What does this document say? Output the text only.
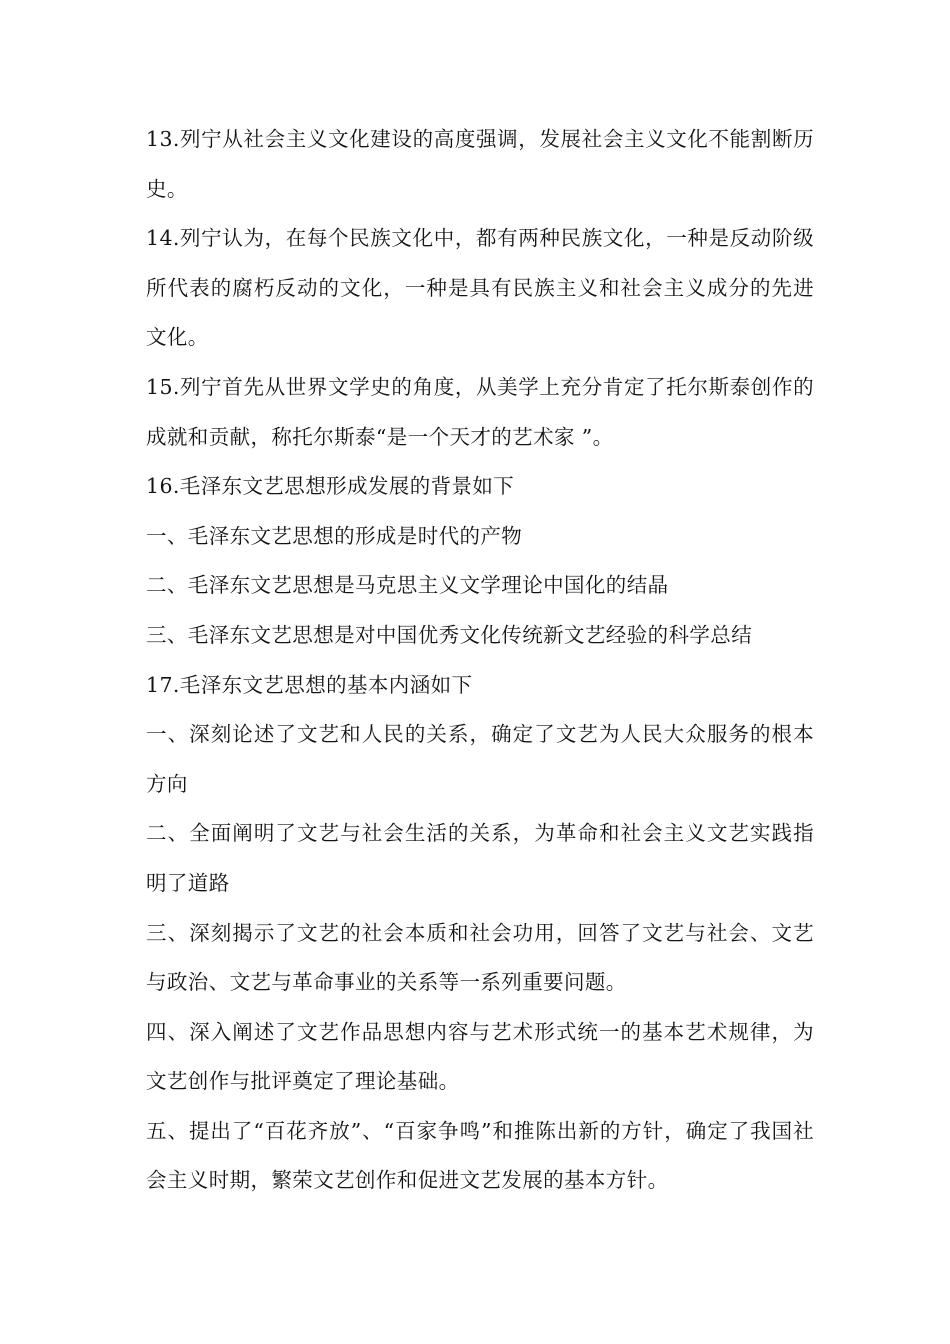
13.列宁从社会主义文化建设的高度强调，发展社会主义文化不能割断历史。

14.列宁认为，在每个民族文化中，都有两种民族文化，一种是反动阶级所代表的腐朽反动的文化，一种是具有民族主义和社会主义成分的先进文化。

15.列宁首先从世界文学史的角度，从美学上充分肯定了托尔斯泰创作的成就和贡献，称托尔斯泰“是一个天才的艺术家 ”。

16.毛泽东文艺思想形成发展的背景如下

一、毛泽东文艺思想的形成是时代的产物

二、毛泽东文艺思想是马克思主义文学理论中国化的结晶

三、毛泽东文艺思想是对中国优秀文化传统新文艺经验的科学总结

17.毛泽东文艺思想的基本内涵如下

一、深刻论述了文艺和人民的关系，确定了文艺为人民大众服务的根本方向

二、全面阐明了文艺与社会生活的关系，为革命和社会主义文艺实践指明了道路

三、深刻揭示了文艺的社会本质和社会功用，回答了文艺与社会、文艺与政治、文艺与革命事业的关系等一系列重要问题。

四、深入阐述了文艺作品思想内容与艺术形式统一的基本艺术规律，为文艺创作与批评奠定了理论基础。

五、提出了“百花齐放”、“百家争鸣”和推陈出新的方针，确定了我国社会主义时期，繁荣文艺创作和促进文艺发展的基本方针。
